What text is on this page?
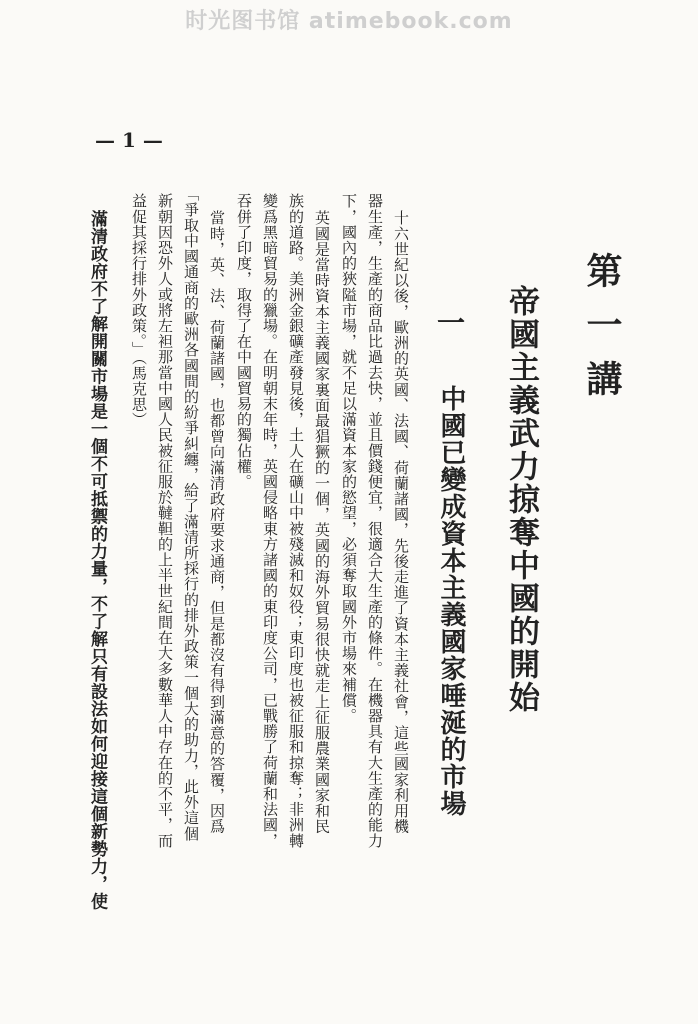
时光图书馆 atimebook.com
— 1 —
第一講
帝國主義武力掠奪中國的開始
一
中國已變成資本主義國家唾涎的市場
十六世紀以後，歐洲的英國、法國、荷蘭諸國，先後走進了資本主義社會，這些國家利用機
器生產，生產的商品比過去快，並且價錢便宜，很適合大生產的條件。在機器具有大生產的能力
下，國內的狹隘市場，就不足以滿資本家的慾望，必須奪取國外市場來補償。
英國是當時資本主義國家裏面最猖獗的一個，英國的海外貿易很快就走上征服農業國家和民
族的道路。美洲金銀礦產發見後，土人在礦山中被殘滅和奴役；東印度也被征服和掠奪；非洲轉
變爲黑暗貿易的獵場。在明朝末年時，英國侵略東方諸國的東印度公司，已戰勝了荷蘭和法國，
吞併了印度，取得了在中國貿易的獨佔權。
當時，英、法、荷蘭諸國，也都曾向滿清政府要求通商，但是都沒有得到滿意的答覆，因爲
「爭取中國通商的歐洲各國間的紛爭糾纏，給了滿清所採行的排外政策一個大的助力，此外這個
新朝因恐外人或將左袒那當中國人民被征服於韃靼的上半世紀間在大多數華人中存在的不平，而
益促其採行排外政策。」（馬克思）
滿清政府不了解開關市場是一個不可抵禦的力量，不了解只有設法如何迎接這個新勢力，使
